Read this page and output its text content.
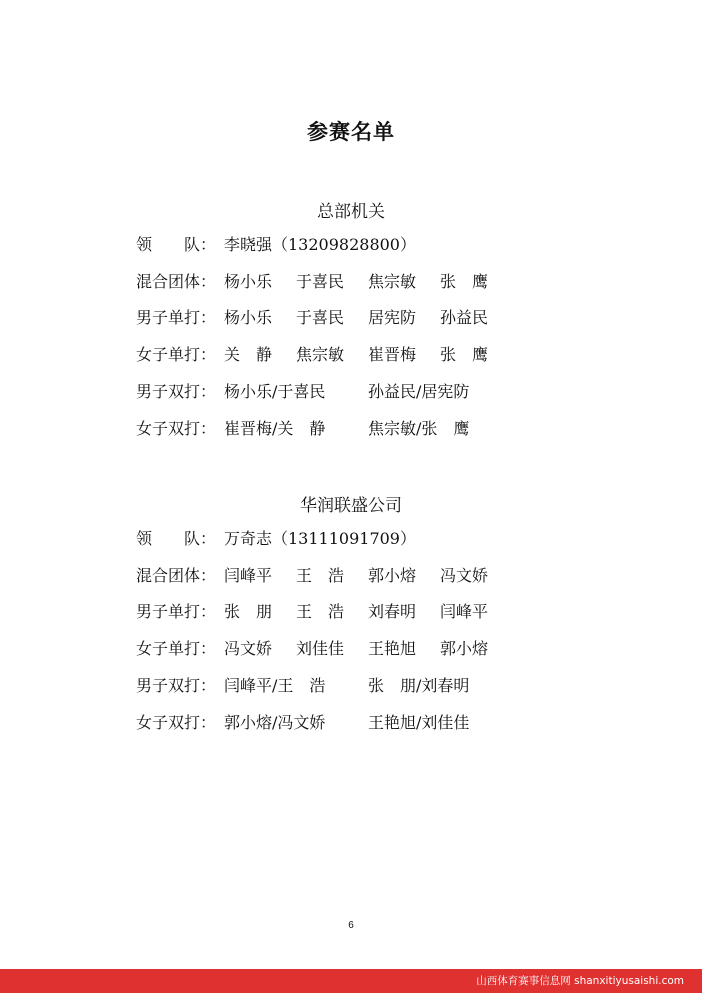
参赛名单
总部机关
领　　队： 李晓强（13209828800）
混合团体： 杨小乐 于喜民 焦宗敏 张　鹰
男子单打： 杨小乐 于喜民 居宪防 孙益民
女子单打： 关　静 焦宗敏 崔晋梅 张　鹰
男子双打： 杨小乐/于喜民	孙益民/居宪防
女子双打： 崔晋梅/关　静	焦宗敏/张　鹰
华润联盛公司
领　　队： 万奇志（13111091709）
混合团体： 闫峰平 王　浩 郭小熔 冯文娇
男子单打： 张　朋 王　浩 刘春明 闫峰平
女子单打： 冯文娇 刘佳佳 王艳旭 郭小熔
男子双打： 闫峰平/王　浩	张　朋/刘春明
女子双打： 郭小熔/冯文娇	王艳旭/刘佳佳
6
山西体育赛事信息网 shanxitiyusaishi.com
